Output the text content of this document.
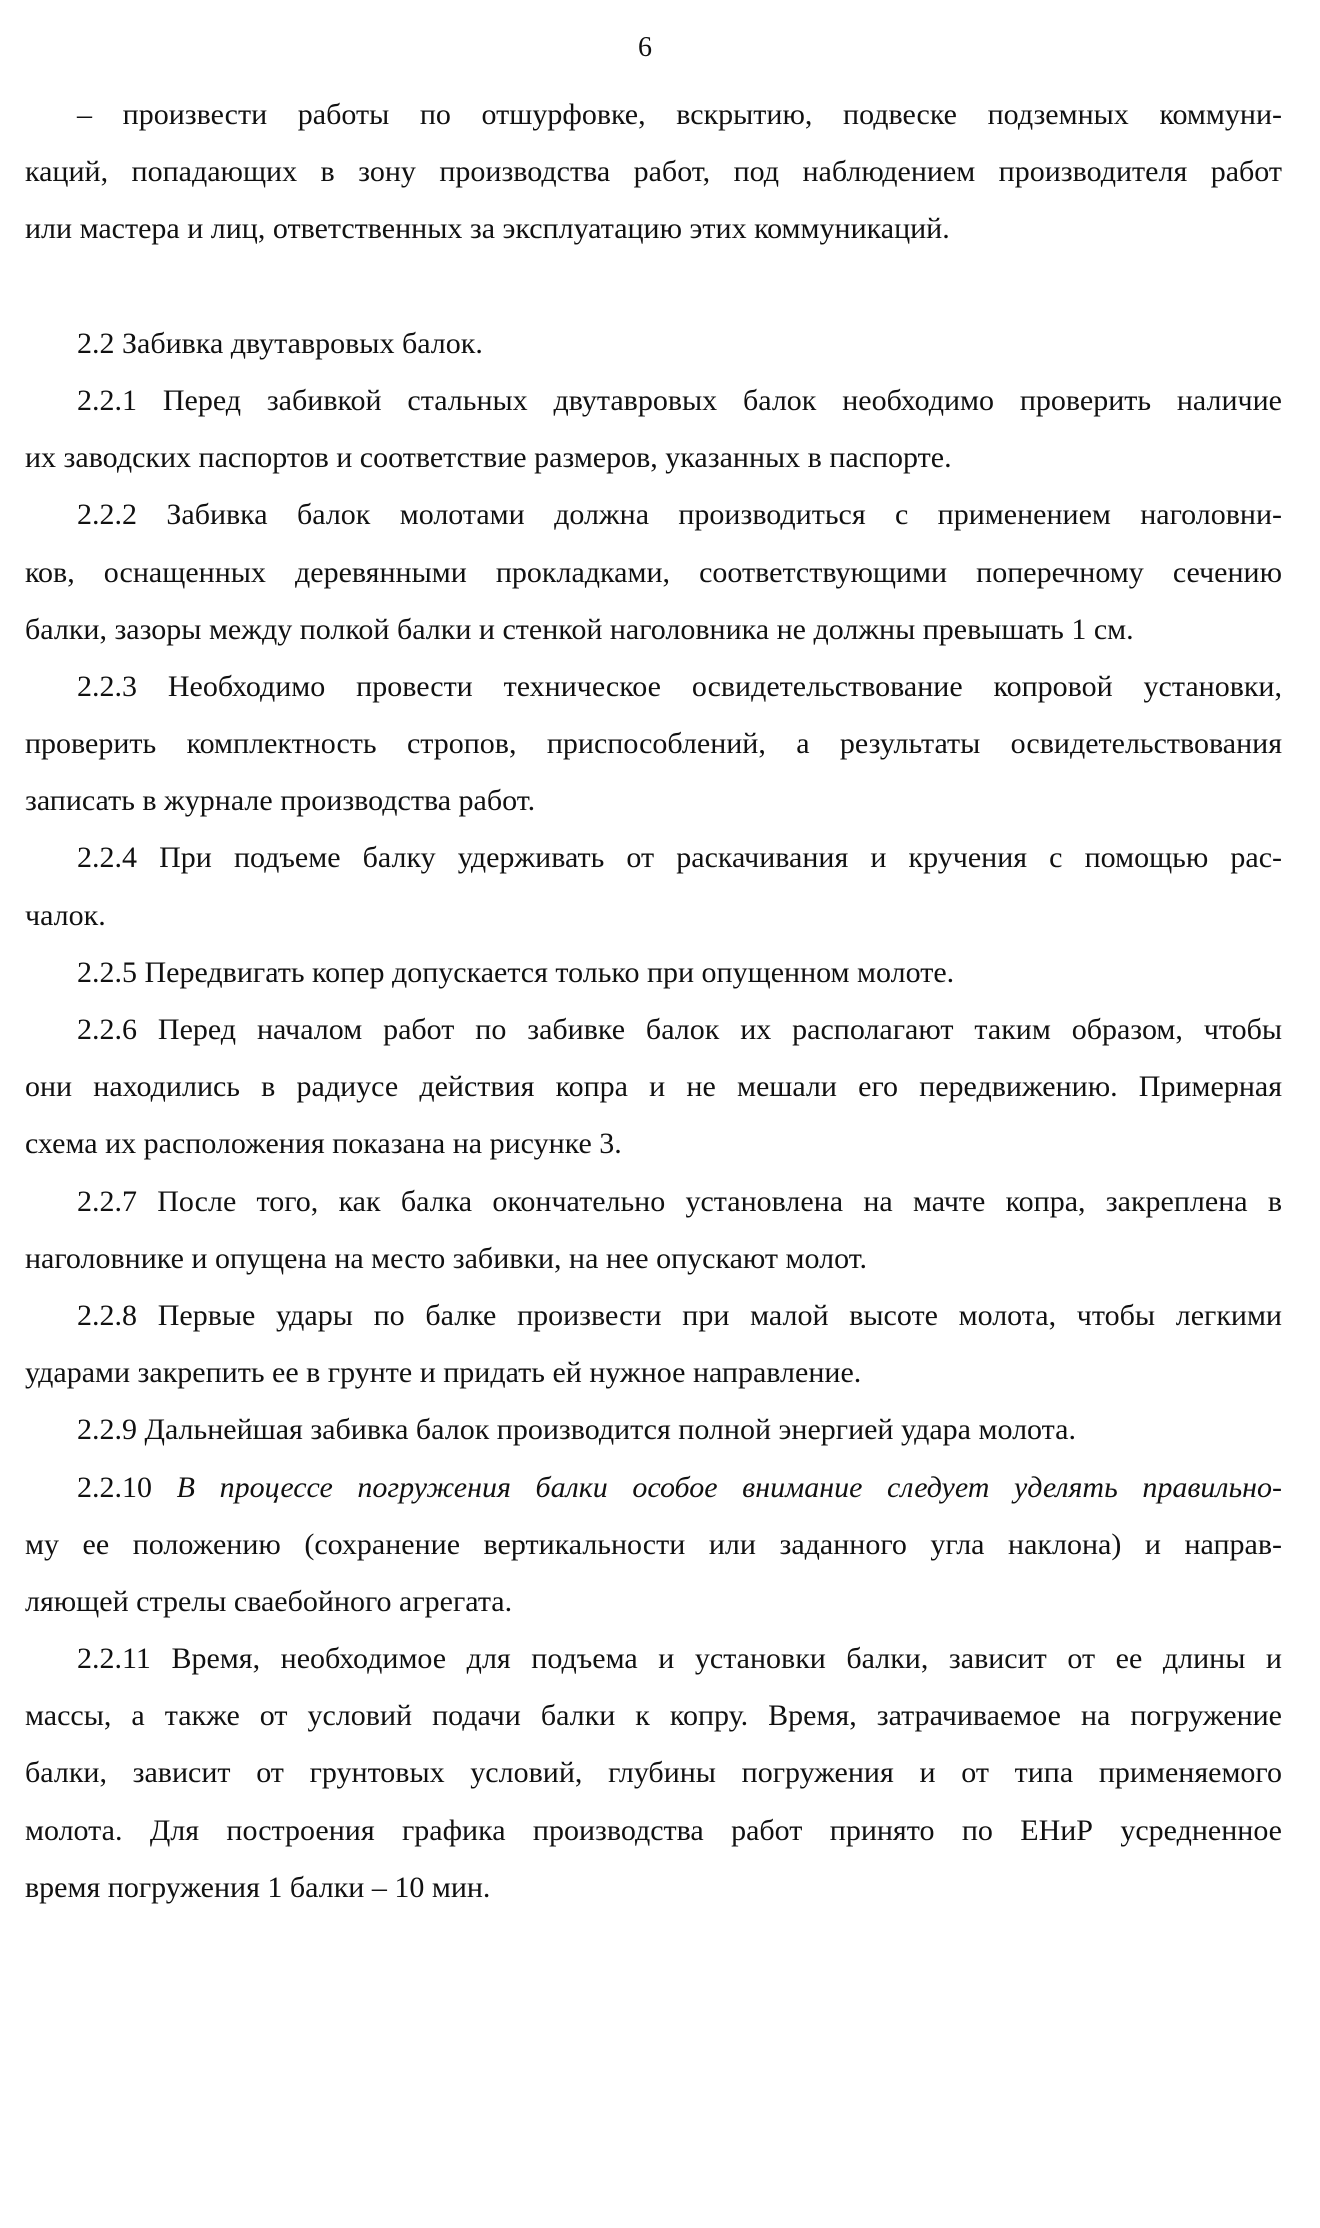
6
– произвести работы по отшурфовке, вскрытию, подвеске подземных коммуни-
каций, попадающих в зону производства работ, под наблюдением производителя работ
или мастера и лиц, ответственных за эксплуатацию этих коммуникаций.
2.2 Забивка двутавровых балок.
2.2.1 Перед забивкой стальных двутавровых балок необходимо проверить наличие
их заводских паспортов и соответствие размеров, указанных в паспорте.
2.2.2 Забивка балок молотами должна производиться с применением наголовни-
ков, оснащенных деревянными прокладками, соответствующими поперечному сечению
балки, зазоры между полкой балки и стенкой наголовника не должны превышать 1 см.
2.2.3 Необходимо провести техническое освидетельствование копровой установки,
проверить комплектность стропов, приспособлений, а результаты освидетельствования
записать в журнале производства работ.
2.2.4 При подъеме балку удерживать от раскачивания и кручения с помощью рас-
чалок.
2.2.5 Передвигать копер допускается только при опущенном молоте.
2.2.6 Перед началом работ по забивке балок их располагают таким образом, чтобы
они находились в радиусе действия копра и не мешали его передвижению. Примерная
схема их расположения показана на рисунке 3.
2.2.7 После того, как балка окончательно установлена на мачте копра, закреплена в
наголовнике и опущена на место забивки, на нее опускают молот.
2.2.8 Первые удары по балке произвести при малой высоте молота, чтобы легкими
ударами закрепить ее в грунте и придать ей нужное направление.
2.2.9 Дальнейшая забивка балок производится полной энергией удара молота.
2.2.10 В процессе погружения балки особое внимание следует уделять правильно-
му ее положению (сохранение вертикальности или заданного угла наклона) и направ-
ляющей стрелы сваебойного агрегата.
2.2.11 Время, необходимое для подъема и установки балки, зависит от ее длины и
массы, а также от условий подачи балки к копру. Время, затрачиваемое на погружение
балки, зависит от грунтовых условий, глубины погружения и от типа применяемого
молота. Для построения графика производства работ принято по ЕНиР усредненное
время погружения 1 балки – 10 мин.
